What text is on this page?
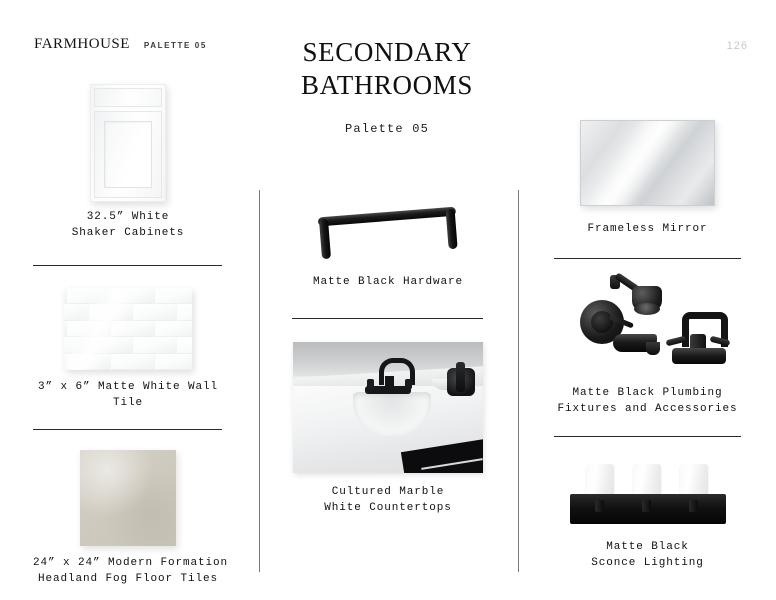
FARMHOUSE PALETTE 05	126
SECONDARY
BATHROOMS
Palette 05
32.5” White
Shaker Cabinets
3” x 6” Matte White Wall
Tile
24” x 24” Modern Formation
Headland Fog Floor Tiles
Matte Black Hardware
Cultured Marble
White Countertops
Frameless Mirror
Matte Black Plumbing
Fixtures and Accessories
Matte Black
Sconce Lighting
